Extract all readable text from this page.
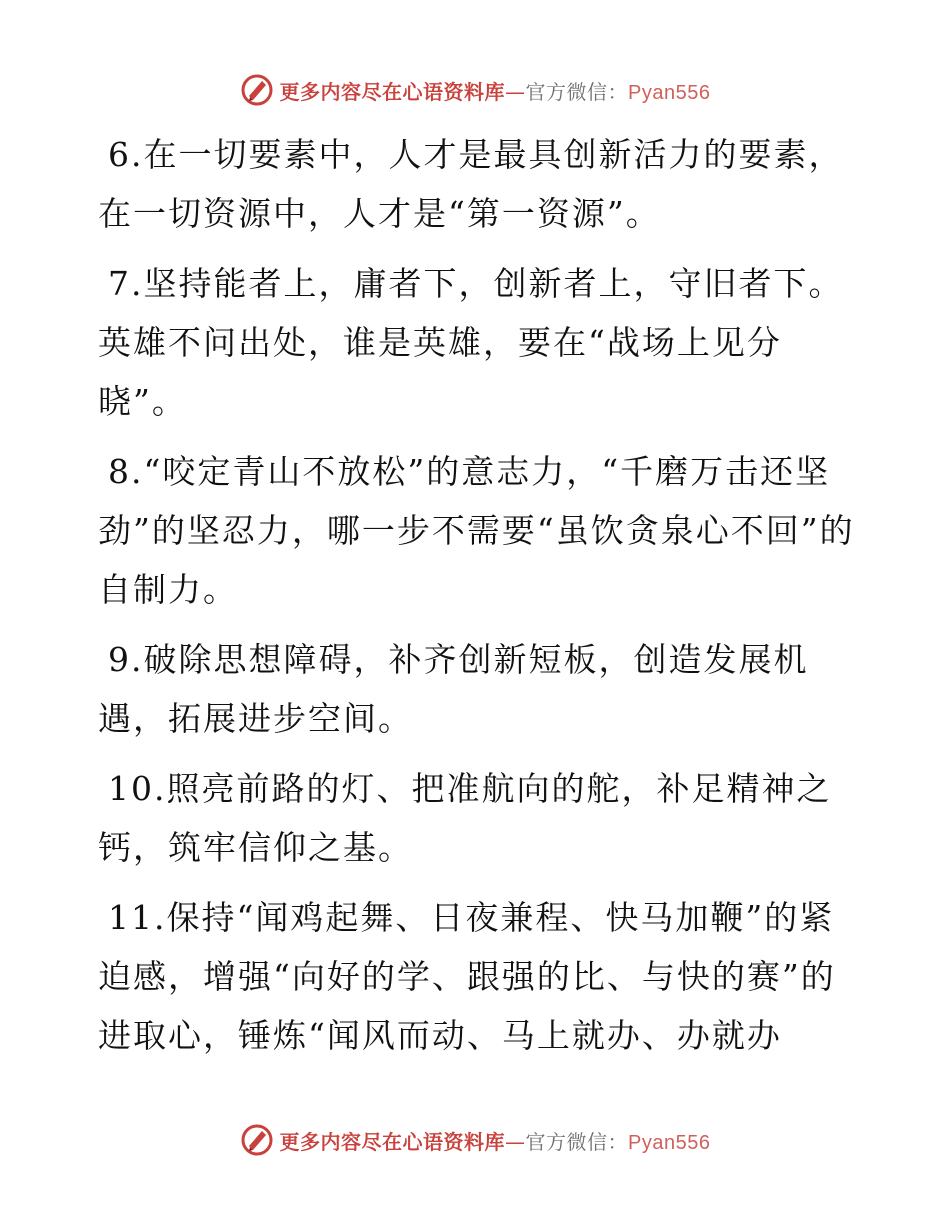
更多内容尽在心语资料库—官方微信：Pyan556

6.在一切要素中，人才是最具创新活力的要素，在一切资源中，人才是“第一资源”。

7.坚持能者上，庸者下，创新者上，守旧者下。英雄不问出处，谁是英雄，要在“战场上见分晓”。

8.“咬定青山不放松”的意志力，“千磨万击还坚劲”的坚忍力，哪一步不需要“虽饮贪泉心不回”的自制力。

9.破除思想障碍，补齐创新短板，创造发展机遇，拓展进步空间。

10.照亮前路的灯、把准航向的舵，补足精神之钙，筑牢信仰之基。

11.保持“闻鸡起舞、日夜兼程、快马加鞭”的紧迫感，增强“向好的学、跟强的比、与快的赛”的进取心，锤炼“闻风而动、马上就办、办就办

更多内容尽在心语资料库—官方微信：Pyan556
